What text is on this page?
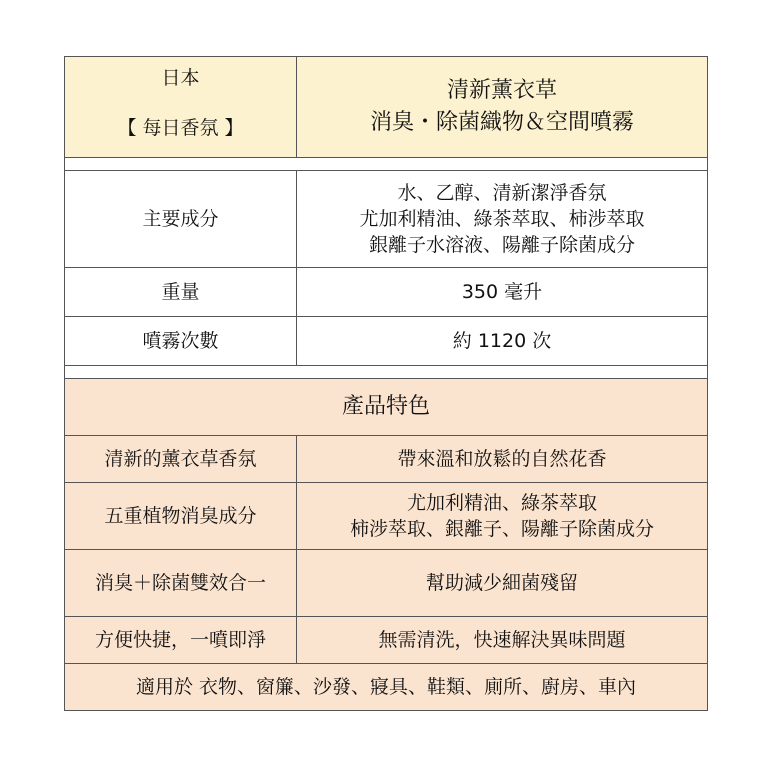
日本
【 每日香氛 】	清新薰衣草
消臭・除菌織物＆空間噴霧

主要成分	水、乙醇、清新潔淨香氛
尤加利精油、綠茶萃取、柿涉萃取
銀離子水溶液、陽離子除菌成分

重量	350 毫升
噴霧次數	約 1120 次

產品特色	
清新的薰衣草香氛	帶來溫和放鬆的自然花香

五重植物消臭成分	尤加利精油、綠茶萃取
柿涉萃取、銀離子、陽離子除菌成分

消臭＋除菌雙效合一	幫助減少細菌殘留

方便快捷，一噴即淨	無需清洗，快速解決異味問題

適用於 衣物、窗簾、沙發、寢具、鞋類、廁所、廚房、車內	
